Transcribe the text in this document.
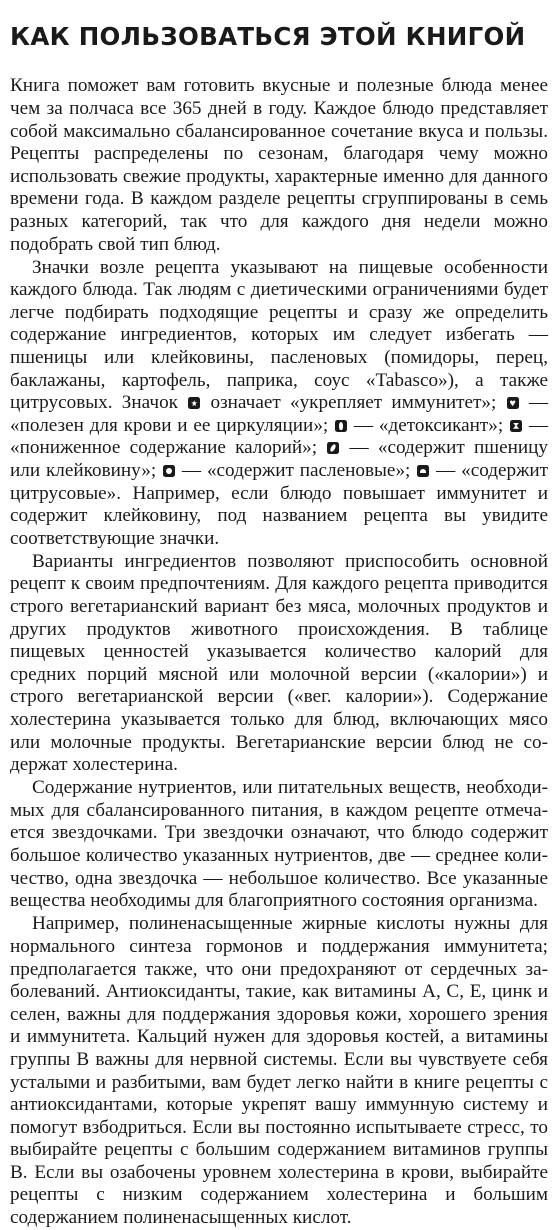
КАК ПОЛЬЗОВАТЬСЯ ЭТОЙ КНИГОЙ

Книга поможет вам готовить вкусные и полезные блюда менее чем за полчаса все 365 дней в году. Каждое блюдо представляет собой максимально сбалансированное сочетание вкуса и пользы. Рецепты распределены по сезонам, благодаря чему можно использовать свежие продукты, характерные именно для данного времени года. В каждом разделе рецепты сгруппированы в семь разных категорий, так что для каждого дня недели можно подобрать свой тип блюд.

Значки возле рецепта указывают на пищевые особенности каждого блюда. Так людям с диетическими ограничениями будет легче подбирать подходящие рецепты и сразу же определить содержание ингредиентов, которых им следует избегать — пшеницы или клейковины, пасленовых (помидоры, перец, баклажаны, картофель, паприка, соус «Tabasco»), а также цитрусовых. Значок означает «укрепляет иммунитет»; — «полезен для крови и ее циркуляции»; — «детоксикант»; — «пониженное содержание калорий»; — «содержит пшеницу или клейковину»; — «содержит пасленовые»; — «содержит цитрусовые». Например, если блюдо повышает иммунитет и содержит клейковину, под названием рецепта вы увидите соответствующие значки.

Варианты ингредиентов позволяют приспособить основной рецепт к своим предпочтениям. Для каждого рецепта приводится строго вегетарианский вариант без мяса, молочных продуктов и других продуктов животного происхождения. В таблице пищевых ценностей указывается количество калорий для средних порций мясной или молочной версии («калории») и строго вегетарианской версии («вег. калории»). Содержание холестерина указывается только для блюд, включающих мясо или молочные продукты. Вегетарианские версии блюд не содержат холестерина.

Содержание нутриентов, или питательных веществ, необходимых для сбалансированного питания, в каждом рецепте отмечается звездочками. Три звездочки означают, что блюдо содержит большое количество указанных нутриентов, две — среднее количество, одна звездочка — небольшое количество. Все указанные вещества необходимы для благоприятного состояния организма.

Например, полиненасыщенные жирные кислоты нужны для нормального синтеза гормонов и поддержания иммунитета; предполагается также, что они предохраняют от сердечных заболеваний. Антиоксиданты, такие, как витамины А, С, Е, цинк и селен, важны для поддержания здоровья кожи, хорошего зрения и иммунитета. Кальций нужен для здоровья костей, а витамины группы В важны для нервной системы. Если вы чувствуете себя усталыми и разбитыми, вам будет легко найти в книге рецепты с антиоксидантами, которые укрепят вашу иммунную систему и помогут взбодриться. Если вы постоянно испытываете стресс, то выбирайте рецепты с большим содержанием витаминов группы В. Если вы озабочены уровнем холестерина в крови, выбирайте рецепты с низким содержанием холестерина и большим содержанием полиненасыщенных кислот.
